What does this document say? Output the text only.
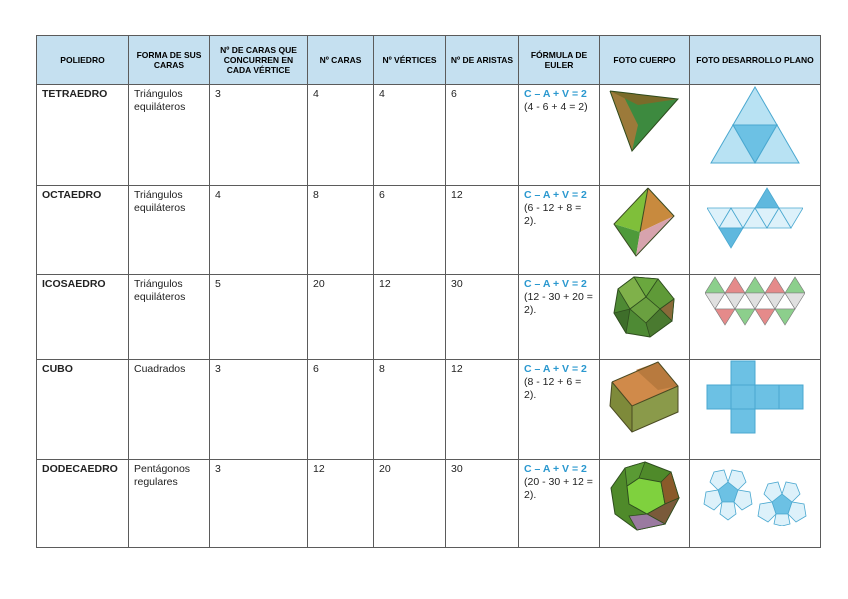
POLIEDRO	FORMA DE SUS CARAS	Nº DE CARAS QUE CONCURREN EN CADA VÉRTICE	Nº CARAS	Nº VÉRTICES	Nº DE ARISTAS	FÓRMULA DE EULER	FOTO CUERPO	FOTO DESARROLLO PLANO
TETRAEDRO	Triángulos equiláteros	3	4	4	6	C – A + V = 2
(4 - 6 + 4 = 2)

OCTAEDRO	Triángulos equiláteros	4	8	6	12	C – A + V = 2
(6 - 12 + 8 = 2).

ICOSAEDRO	Triángulos equiláteros	5	20	12	30	C – A + V = 2
(12 - 30 + 20 = 2).

CUBO	Cuadrados	3	6	8	12	C – A + V = 2
(8 - 12 + 6 = 2).

DODECAEDRO	Pentágonos regulares	3	12	20	30	C – A + V = 2
(20 - 30 + 12 = 2).
